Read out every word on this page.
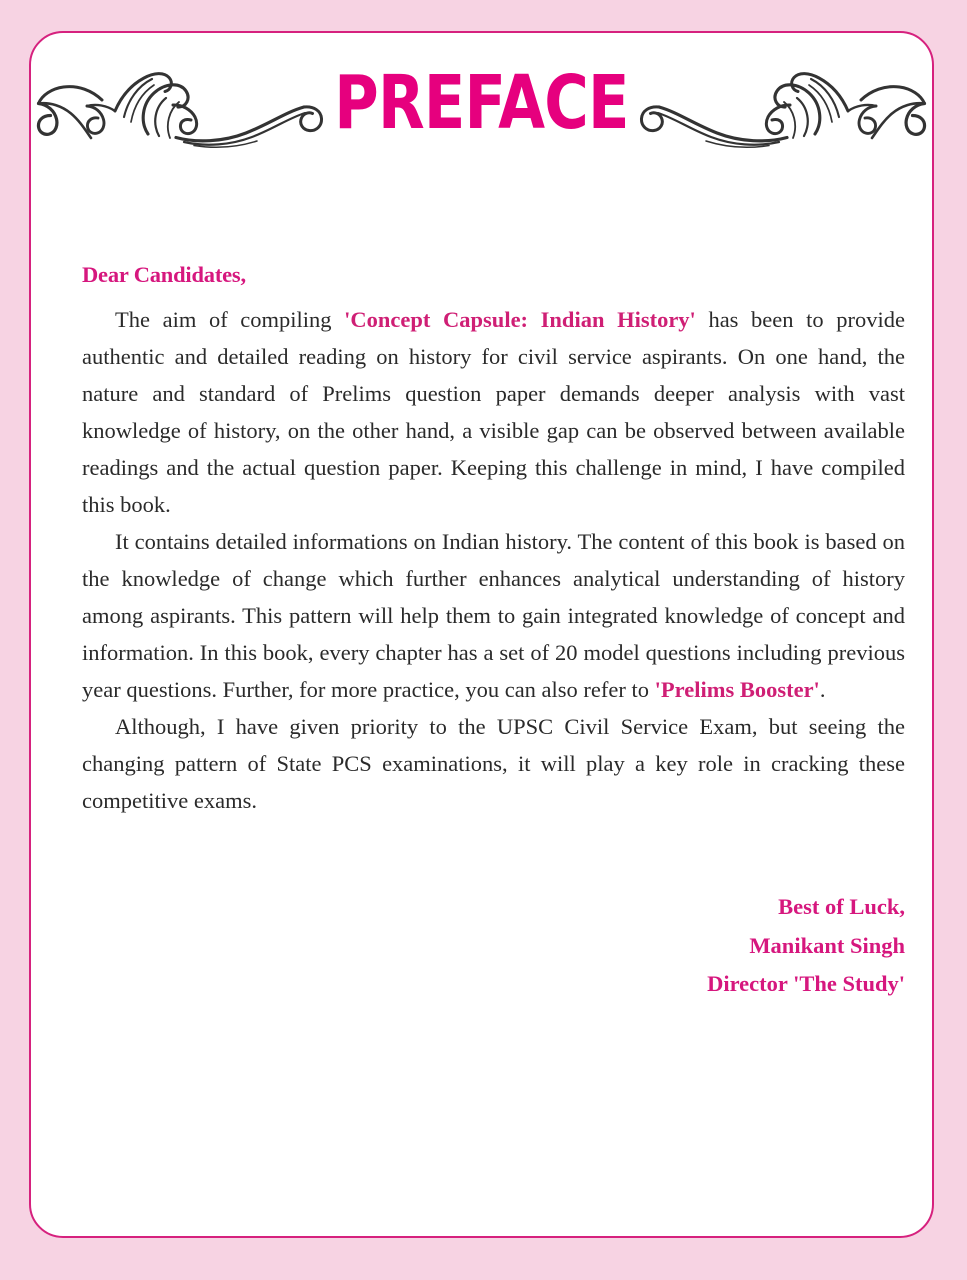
PREFACE
Dear Candidates,

The aim of compiling 'Concept Capsule: Indian History' has been to provide authentic and detailed reading on history for civil service aspirants. On one hand, the nature and standard of Prelims question paper demands deeper analysis with vast knowledge of history, on the other hand, a visible gap can be observed between available readings and the actual question paper. Keeping this challenge in mind, I have compiled this book.

It contains detailed informations on Indian history. The content of this book is based on the knowledge of change which further enhances analytical understanding of history among aspirants. This pattern will help them to gain integrated knowledge of concept and information. In this book, every chapter has a set of 20 model questions including previous year questions. Further, for more practice, you can also refer to 'Prelims Booster'.

Although, I have given priority to the UPSC Civil Service Exam, but seeing the changing pattern of State PCS examinations, it will play a key role in cracking these competitive exams.

Best of Luck,
Manikant Singh
Director 'The Study'
